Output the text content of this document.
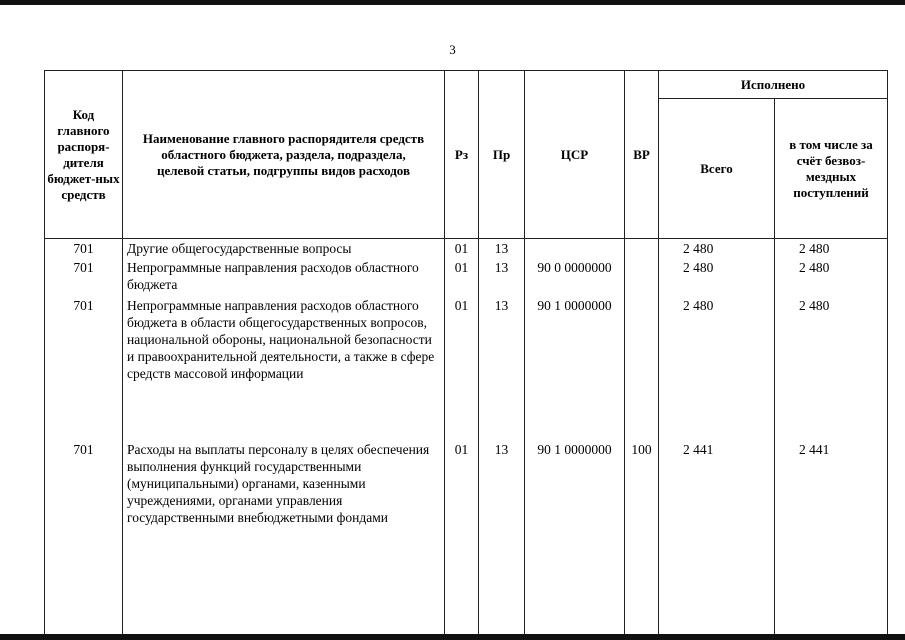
3
Код главного распоря-дителя бюджет-ных средств	Наименование главного распорядителя средств областного бюджета, раздела, подраздела, целевой статьи, подгруппы видов расходов	Рз	Пр	ЦСР	ВР	Исполнено	
						Всего	в том числе за счёт безвоз-мездных поступлений
701	Другие общегосударственные вопросы	01	13			2 480	2 480
701	Непрограммные направления расходов областного бюджета	01	13	90 0 0000000		2 480	2 480
701	Непрограммные направления расходов областного бюджета в области общегосударственных вопросов, национальной обороны, национальной безопасности и правоохранительной деятельности, а также в сфере средств массовой информации	01	13	90 1 0000000		2 480	2 480
701	Расходы на выплаты персоналу в целях обеспечения выполнения функций государственными (муниципальными) органами, казенными учреждениями, органами управления государственными внебюджетными фондами	01	13	90 1 0000000	100	2 441	2 441
